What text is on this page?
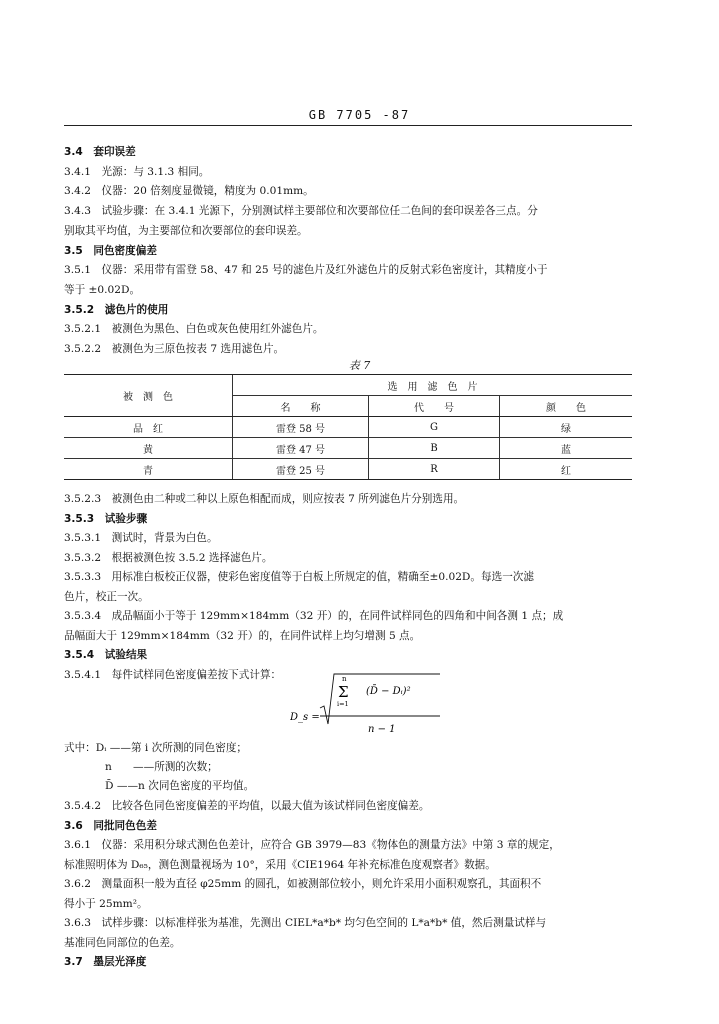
GB 7705 -87
3.4　套印误差
3.4.1　光源：与 3.1.3 相同。
3.4.2　仪器：20 倍刻度显微镜，精度为 0.01mm。
3.4.3　试验步骤：在 3.4.1 光源下，分别测试样主要部位和次要部位任二色间的套印误差各三点。分
别取其平均值，为主要部位和次要部位的套印误差。
3.5　同色密度偏差
3.5.1　仪器：采用带有雷登 58、47 和 25 号的滤色片及红外滤色片的反射式彩色密度计，其精度小于
等于 ±0.02D。
3.5.2　滤色片的使用
3.5.2.1　被测色为黑色、白色或灰色使用红外滤色片。
3.5.2.2　被测色为三原色按表 7 选用滤色片。
表 7
被　测　色	选　用　滤　色　片		
	名　　称	代　　号	颜　　色
品　红	雷登 58 号	G	绿
黄	雷登 47 号	B	蓝
青	雷登 25 号	R	红
3.5.2.3　被测色由二种或二种以上原色相配而成，则应按表 7 所列滤色片分别选用。
3.5.3　试验步骤
3.5.3.1　测试时，背景为白色。
3.5.3.2　根据被测色按 3.5.2 选择滤色片。
3.5.3.3　用标准白板校正仪器，使彩色密度值等于白板上所规定的值，精确至±0.02D。每选一次滤
色片，校正一次。
3.5.3.4　成品幅面小于等于 129mm×184mm（32 开）的，在同件试样同色的四角和中间各测 1 点；成
品幅面大于 129mm×184mm（32 开）的，在同件试样上均匀增测 5 点。
3.5.4　试验结果
3.5.4.1　每件试样同色密度偏差按下式计算：
D_s =
n
Σ
i=1
(D̄ − Dᵢ)²
n − 1
式中：Dᵢ ——第 i 次所测的同色密度；
n　　——所测的次数；
D̄ ——n 次同色密度的平均值。
3.5.4.2　比较各色同色密度偏差的平均值，以最大值为该试样同色密度偏差。
3.6　同批同色色差
3.6.1　仪器：采用积分球式测色色差计，应符合 GB 3979—83《物体色的测量方法》中第 3 章的规定，
标准照明体为 D₆₅，测色测量视场为 10°，采用《CIE1964 年补充标准色度观察者》数据。
3.6.2　测量面积一般为直径 φ25mm 的圆孔，如被测部位较小，则允许采用小面积观察孔，其面积不
得小于 25mm²。
3.6.3　试样步骤：以标准样张为基准，先测出 CIEL*a*b* 均匀色空间的 L*a*b* 值，然后测量试样与
基准同色同部位的色差。
3.7　墨层光泽度
